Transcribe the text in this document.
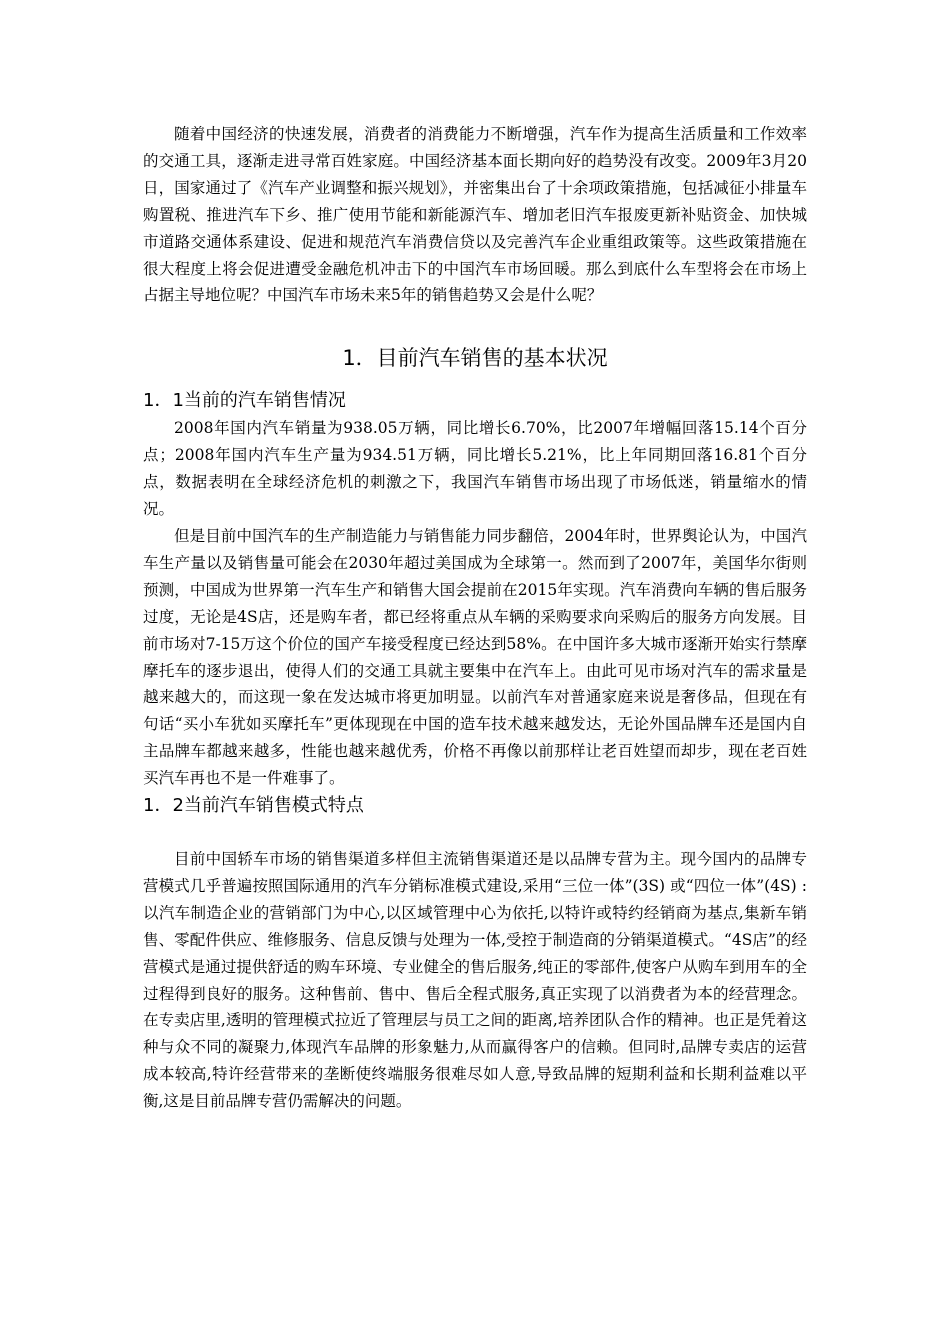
随着中国经济的快速发展，消费者的消费能力不断增强，汽车作为提高生活质量和工作效率的交通工具，逐渐走进寻常百姓家庭。中国经济基本面长期向好的趋势没有改变。2009年3月20日，国家通过了《汽车产业调整和振兴规划》，并密集出台了十余项政策措施，包括减征小排量车购置税、推进汽车下乡、推广使用节能和新能源汽车、增加老旧汽车报废更新补贴资金、加快城市道路交通体系建设、促进和规范汽车消费信贷以及完善汽车企业重组政策等。这些政策措施在很大程度上将会促进遭受金融危机冲击下的中国汽车市场回暖。那么到底什么车型将会在市场上占据主导地位呢？中国汽车市场未来5年的销售趋势又会是什么呢？

1．目前汽车销售的基本状况
1．1当前的汽车销售情况

2008年国内汽车销量为938.05万辆，同比增长6.70%，比2007年增幅回落15.14个百分点；2008年国内汽车生产量为934.51万辆，同比增长5.21%，比上年同期回落16.81个百分点，数据表明在全球经济危机的刺激之下，我国汽车销售市场出现了市场低迷，销量缩水的情况。

但是目前中国汽车的生产制造能力与销售能力同步翻倍，2004年时，世界舆论认为，中国汽车生产量以及销售量可能会在2030年超过美国成为全球第一。然而到了2007年，美国华尔街则预测，中国成为世界第一汽车生产和销售大国会提前在2015年实现。汽车消费向车辆的售后服务过度，无论是4S店，还是购车者，都已经将重点从车辆的采购要求向采购后的服务方向发展。目前市场对7-15万这个价位的国产车接受程度已经达到58%。在中国许多大城市逐渐开始实行禁摩摩托车的逐步退出，使得人们的交通工具就主要集中在汽车上。由此可见市场对汽车的需求量是越来越大的，而这现一象在发达城市将更加明显。以前汽车对普通家庭来说是奢侈品，但现在有句话“买小车犹如买摩托车”更体现现在中国的造车技术越来越发达，无论外国品牌车还是国内自主品牌车都越来越多，性能也越来越优秀，价格不再像以前那样让老百姓望而却步，现在老百姓买汽车再也不是一件难事了。

1．2当前汽车销售模式特点

目前中国轿车市场的销售渠道多样但主流销售渠道还是以品牌专营为主。现今国内的品牌专营模式几乎普遍按照国际通用的汽车分销标准模式建设,采用“三位一体”(3S) 或“四位一体”(4S) :以汽车制造企业的营销部门为中心,以区域管理中心为依托,以特许或特约经销商为基点,集新车销售、零配件供应、维修服务、信息反馈与处理为一体,受控于制造商的分销渠道模式。“4S店”的经营模式是通过提供舒适的购车环境、专业健全的售后服务,纯正的零部件,使客户从购车到用车的全过程得到良好的服务。这种售前、售中、售后全程式服务,真正实现了以消费者为本的经营理念。在专卖店里,透明的管理模式拉近了管理层与员工之间的距离,培养团队合作的精神。也正是凭着这种与众不同的凝聚力,体现汽车品牌的形象魅力,从而赢得客户的信赖。但同时,品牌专卖店的运营成本较高,特许经营带来的垄断使终端服务很难尽如人意,导致品牌的短期利益和长期利益难以平衡,这是目前品牌专营仍需解决的问题。
